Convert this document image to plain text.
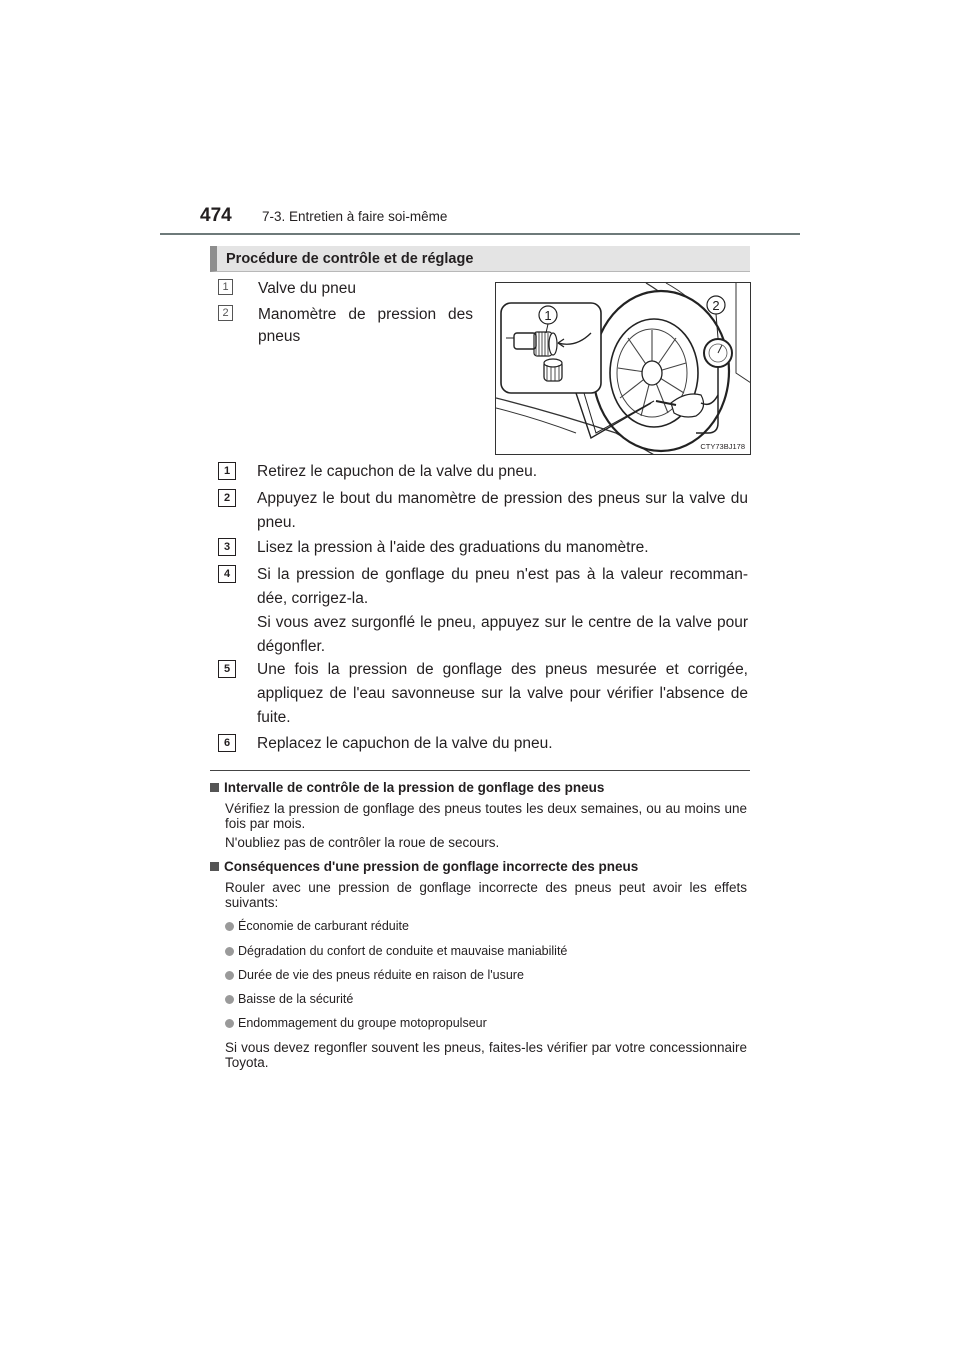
474	7-3. Entretien à faire soi-même
Procédure de contrôle et de réglage
1 Valve du pneu
2 Manomètre de pression des pneus
2
1
CTY73BJ178
1	Retirez le capuchon de la valve du pneu.

2	Appuyez le bout du manomètre de pression des pneus sur la valve du pneu.

3	Lisez la pression à l'aide des graduations du manomètre.

4	Si la pression de gonflage du pneu n'est pas à la valeur recomman-dée, corrigez-la.

Si vous avez surgonflé le pneu, appuyez sur le centre de la valve pour dégonfler.

5	Une fois la pression de gonflage des pneus mesurée et corrigée, appliquez de l'eau savonneuse sur la valve pour vérifier l'absence de fuite.

6	Replacez le capuchon de la valve du pneu.

Intervalle de contrôle de la pression de gonflage des pneus
Vérifiez la pression de gonflage des pneus toutes les deux semaines, ou au moins une fois par mois.
N'oubliez pas de contrôler la roue de secours.
Conséquences d'une pression de gonflage incorrecte des pneus
Rouler avec une pression de gonflage incorrecte des pneus peut avoir les effets suivants:
Économie de carburant réduite
Dégradation du confort de conduite et mauvaise maniabilité
Durée de vie des pneus réduite en raison de l'usure
Baisse de la sécurité
Endommagement du groupe motopropulseur
Si vous devez regonfler souvent les pneus, faites-les vérifier par votre concessionnaire Toyota.
